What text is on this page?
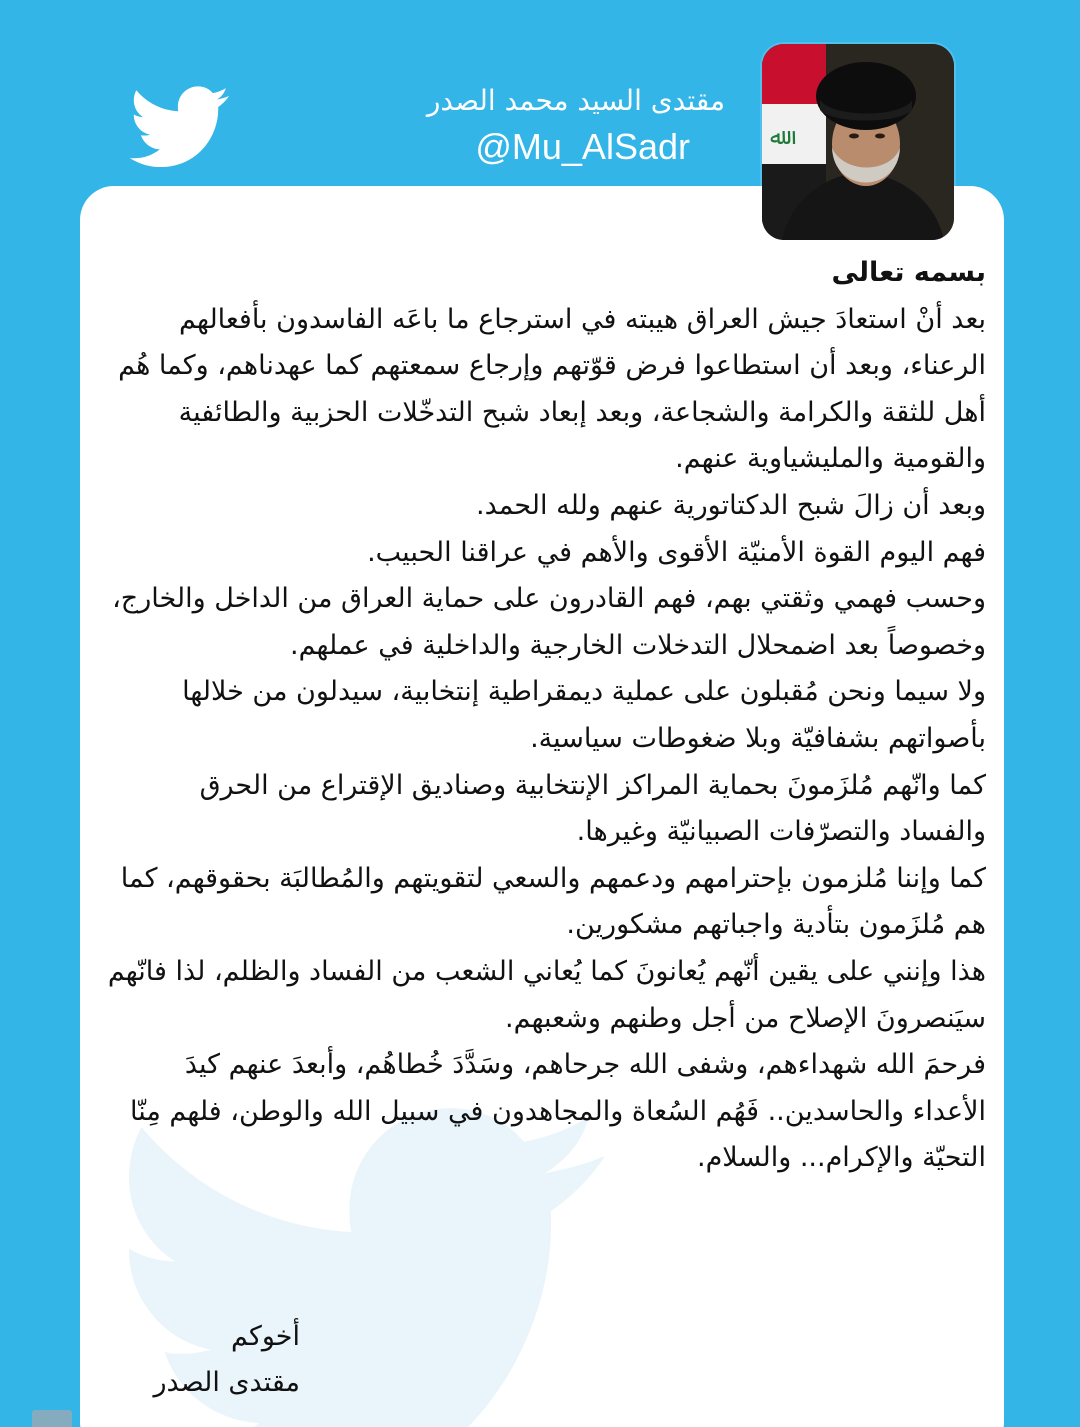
مقتدى السيد محمد الصدر
@Mu_AlSadr	ﷲ

بسمه تعالى

بعد أنْ استعادَ جيش العراق هيبته في استرجاع ما باعَه الفاسدون بأفعالهم الرعناء، وبعد أن استطاعوا فرض قوّتهم وإرجاع سمعتهم كما عهدناهم، وكما هُم أهل للثقة والكرامة والشجاعة، وبعد إبعاد شبح التدخّلات الحزبية والطائفية والقومية والمليشياوية عنهم.

وبعد أن زالَ شبح الدكتاتورية عنهم ولله الحمد.

فهم اليوم القوة الأمنيّة الأقوى والأهم في عراقنا الحبيب.

وحسب فهمي وثقتي بهم، فهم القادرون على حماية العراق من الداخل والخارج، وخصوصاً بعد اضمحلال التدخلات الخارجية والداخلية في عملهم.

ولا سيما ونحن مُقبلون على عملية ديمقراطية إنتخابية، سيدلون من خلالها بأصواتهم بشفافيّة وبلا ضغوطات سياسية.

كما وانّهم مُلزَمونَ بحماية المراكز الإنتخابية وصناديق الإقتراع من الحرق والفساد والتصرّفات الصبيانيّة وغيرها.

كما وإننا مُلزمون بإحترامهم ودعمهم والسعي لتقويتهم والمُطالبَة بحقوقهم، كما هم مُلزَمون بتأدية واجباتهم مشكورين.

هذا وإنني على يقين أنّهم يُعانونَ كما يُعاني الشعب من الفساد والظلم، لذا فانّهم سيَنصرونَ الإصلاح من أجل وطنهم وشعبهم.

فرحمَ الله شهداءهم، وشفى الله جرحاهم، وسَدَّدَ خُطاهُم، وأبعدَ عنهم كيدَ الأعداء والحاسدين.. فَهُم السُعاة والمجاهدون في سبيل الله والوطن، فلهم مِنّا التحيّة والإكرام... والسلام.

أخوكم
مقتدى الصدر
